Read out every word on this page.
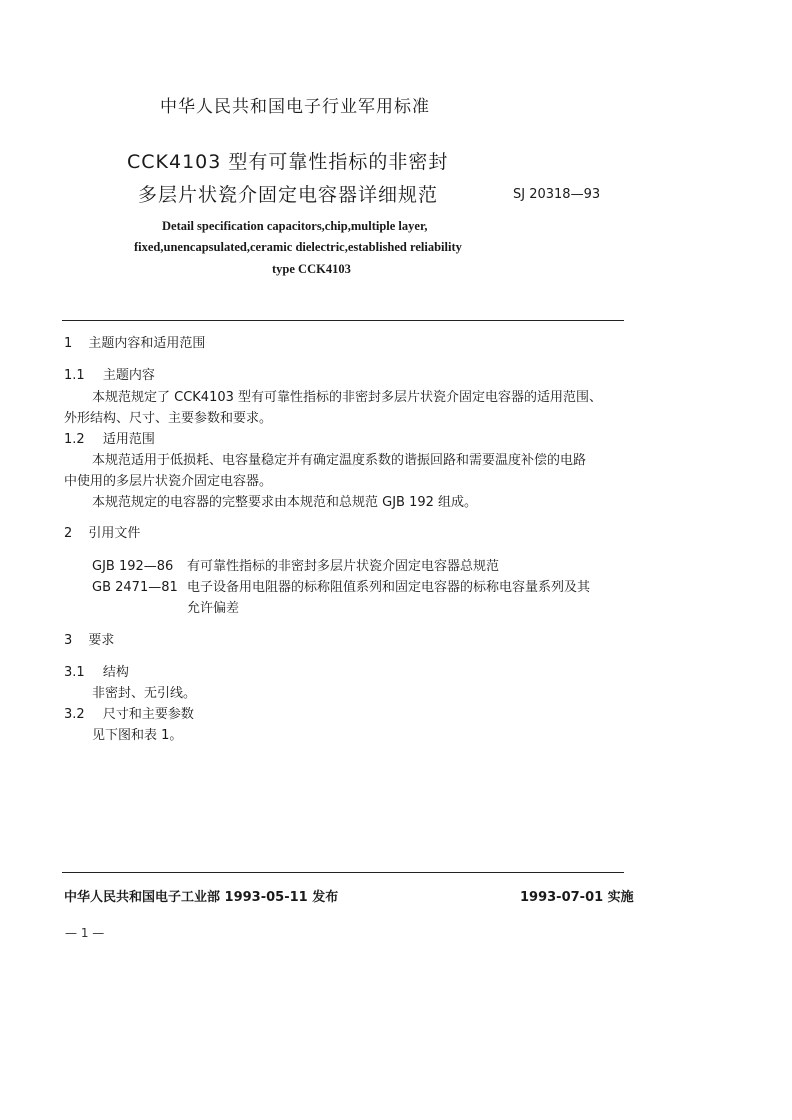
中华人民共和国电子行业军用标准
CCK4103 型有可靠性指标的非密封
多层片状瓷介固定电容器详细规范	SJ 20318—93
Detail specification capacitors,chip,multiple layer,
fixed,unencapsulated,ceramic dielectric,established reliability
type CCK4103
1 主题内容和适用范围
1.1 主题内容
本规范规定了 CCK4103 型有可靠性指标的非密封多层片状瓷介固定电容器的适用范围、
外形结构、尺寸、主要参数和要求。
1.2 适用范围
本规范适用于低损耗、电容量稳定并有确定温度系数的谐振回路和需要温度补偿的电路
中使用的多层片状瓷介固定电容器。
本规范规定的电容器的完整要求由本规范和总规范 GJB 192 组成。
2 引用文件
GJB 192—86 有可靠性指标的非密封多层片状瓷介固定电容器总规范
GB 2471—81 电子设备用电阻器的标称阻值系列和固定电容器的标称电容量系列及其
允许偏差
3 要求
3.1 结构
非密封、无引线。
3.2 尺寸和主要参数
见下图和表 1。
中华人民共和国电子工业部 1993-05-11 发布	1993-07-01 实施
— 1 —
